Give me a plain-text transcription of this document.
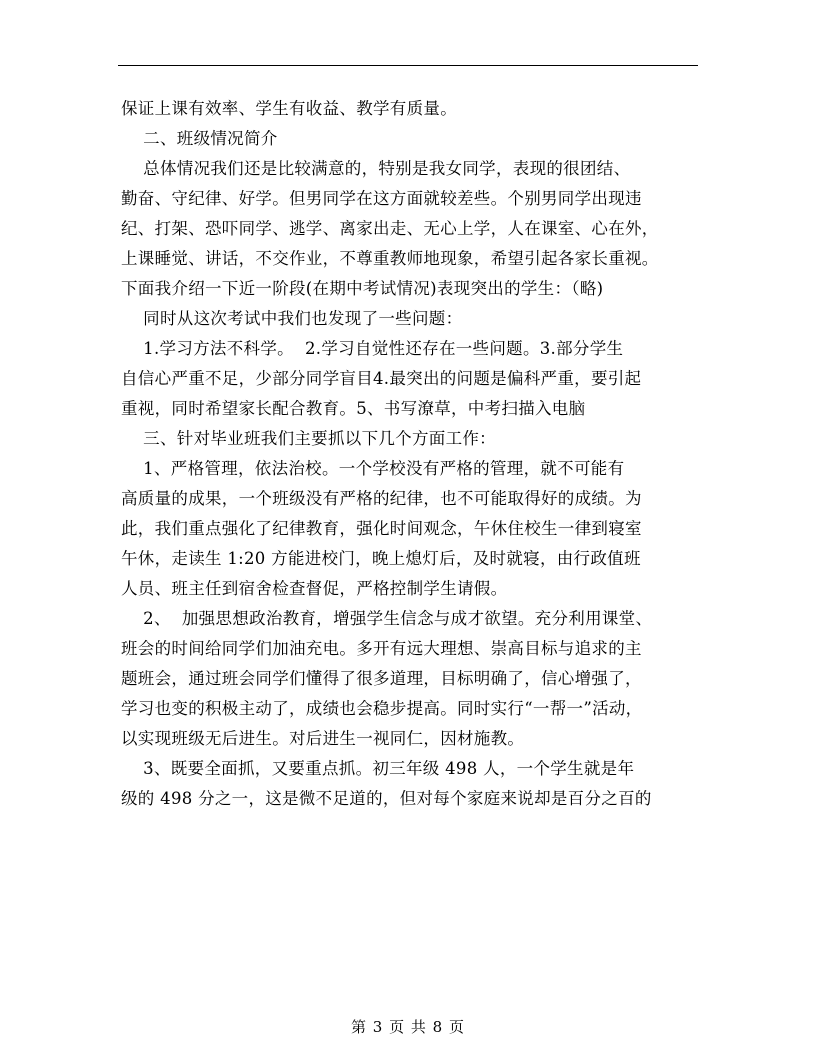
保证上课有效率、学生有收益、教学有质量。
二、班级情况简介
总体情况我们还是比较满意的，特别是我女同学，表现的很团结、
勤奋、守纪律、好学。但男同学在这方面就较差些。个别男同学出现违
纪、打架、恐吓同学、逃学、离家出走、无心上学，人在课室、心在外，
上课睡觉、讲话，不交作业，不尊重教师地现象，希望引起各家长重视。
下面我介绍一下近一阶段(在期中考试情况)表现突出的学生：（略)
同时从这次考试中我们也发现了一些问题：
1.学习方法不科学。  2.学习自觉性还存在一些问题。3.部分学生
自信心严重不足，少部分同学盲目4.最突出的问题是偏科严重，要引起
重视，同时希望家长配合教育。5、书写潦草，中考扫描入电脑
三、针对毕业班我们主要抓以下几个方面工作：
1、严格管理，依法治校。一个学校没有严格的管理，就不可能有
高质量的成果，一个班级没有严格的纪律，也不可能取得好的成绩。为
此，我们重点强化了纪律教育，强化时间观念，午休住校生一律到寝室
午休，走读生 1:20 方能进校门，晚上熄灯后，及时就寝，由行政值班
人员、班主任到宿舍检查督促，严格控制学生请假。
2、  加强思想政治教育，增强学生信念与成才欲望。充分利用课堂、
班会的时间给同学们加油充电。多开有远大理想、崇高目标与追求的主
题班会，通过班会同学们懂得了很多道理，目标明确了，信心增强了，
学习也变的积极主动了，成绩也会稳步提高。同时实行“一帮一”活动，
以实现班级无后进生。对后进生一视同仁，因材施教。
3、既要全面抓，又要重点抓。初三年级 498 人，一个学生就是年
级的 498 分之一，这是微不足道的，但对每个家庭来说却是百分之百的
第 3 页 共 8 页
